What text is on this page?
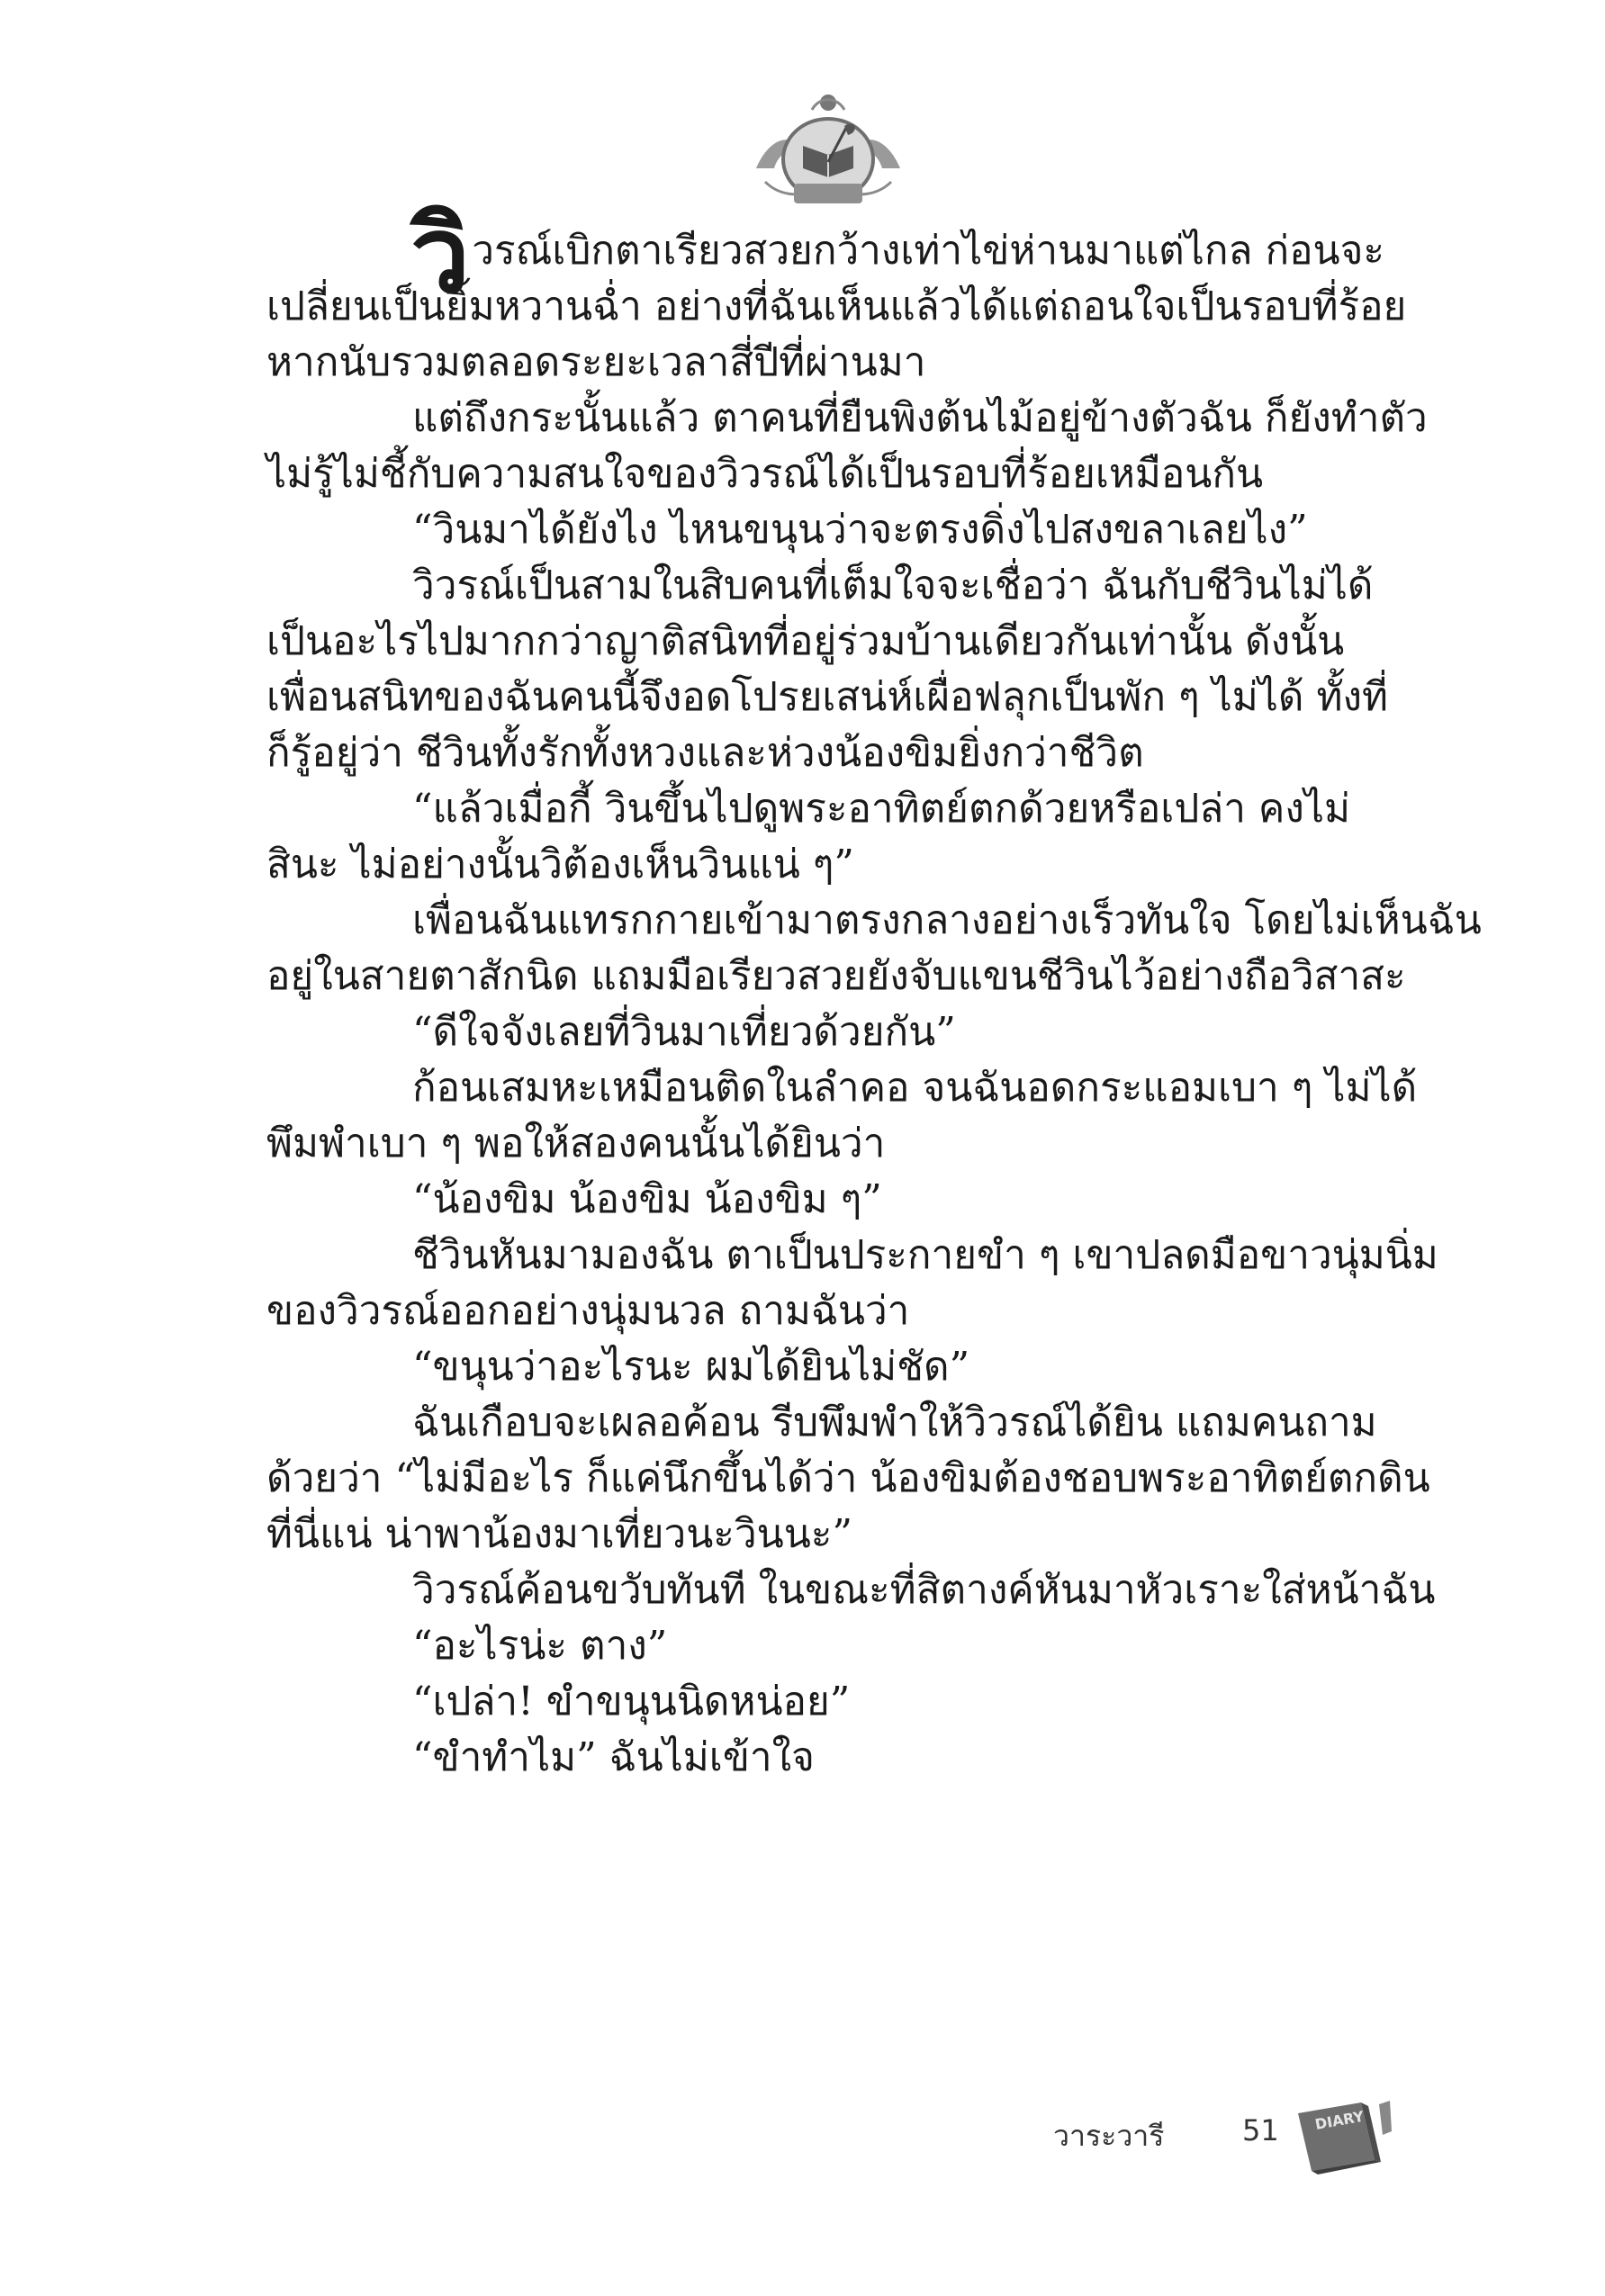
วิวรณ์เบิกตาเรียวสวยกว้างเท่าไข่ห่านมาแต่ไกล ก่อนจะ
เปลี่ยนเป็นยิ้มหวานฉ่ำ อย่างที่ฉันเห็นแล้วได้แต่ถอนใจเป็นรอบที่ร้อย
หากนับรวมตลอดระยะเวลาสี่ปีที่ผ่านมา
แต่ถึงกระนั้นแล้ว ตาคนที่ยืนพิงต้นไม้อยู่ข้างตัวฉัน ก็ยังทำตัว
ไม่รู้ไม่ชี้กับความสนใจของวิวรณ์ได้เป็นรอบที่ร้อยเหมือนกัน
“วินมาได้ยังไง ไหนขนุนว่าจะตรงดิ่งไปสงขลาเลยไง”
วิวรณ์เป็นสามในสิบคนที่เต็มใจจะเชื่อว่า ฉันกับชีวินไม่ได้
เป็นอะไรไปมากกว่าญาติสนิทที่อยู่ร่วมบ้านเดียวกันเท่านั้น ดังนั้น
เพื่อนสนิทของฉันคนนี้จึงอดโปรยเสน่ห์เผื่อฟลุกเป็นพัก ๆ ไม่ได้ ทั้งที่
ก็รู้อยู่ว่า ชีวินทั้งรักทั้งหวงและห่วงน้องขิมยิ่งกว่าชีวิต
“แล้วเมื่อกี้ วินขึ้นไปดูพระอาทิตย์ตกด้วยหรือเปล่า คงไม่
สินะ ไม่อย่างนั้นวิต้องเห็นวินแน่ ๆ”
เพื่อนฉันแทรกกายเข้ามาตรงกลางอย่างเร็วทันใจ โดยไม่เห็นฉัน
อยู่ในสายตาสักนิด แถมมือเรียวสวยยังจับแขนชีวินไว้อย่างถือวิสาสะ
“ดีใจจังเลยที่วินมาเที่ยวด้วยกัน”
ก้อนเสมหะเหมือนติดในลำคอ จนฉันอดกระแอมเบา ๆ ไม่ได้
พึมพำเบา ๆ พอให้สองคนนั้นได้ยินว่า
“น้องขิม น้องขิม น้องขิม ๆ”
ชีวินหันมามองฉัน ตาเป็นประกายขำ ๆ เขาปลดมือขาวนุ่มนิ่ม
ของวิวรณ์ออกอย่างนุ่มนวล ถามฉันว่า
“ขนุนว่าอะไรนะ ผมได้ยินไม่ชัด”
ฉันเกือบจะเผลอค้อน รีบพึมพำให้วิวรณ์ได้ยิน แถมคนถาม
ด้วยว่า “ไม่มีอะไร ก็แค่นึกขึ้นได้ว่า น้องขิมต้องชอบพระอาทิตย์ตกดิน
ที่นี่แน่ น่าพาน้องมาเที่ยวนะวินนะ”
วิวรณ์ค้อนขวับทันที ในขณะที่สิตางค์หันมาหัวเราะใส่หน้าฉัน
“อะไรน่ะ ตาง”
“เปล่า! ขำขนุนนิดหน่อย”
“ขำทำไม” ฉันไม่เข้าใจ
วาระวารี	51 DIARY
